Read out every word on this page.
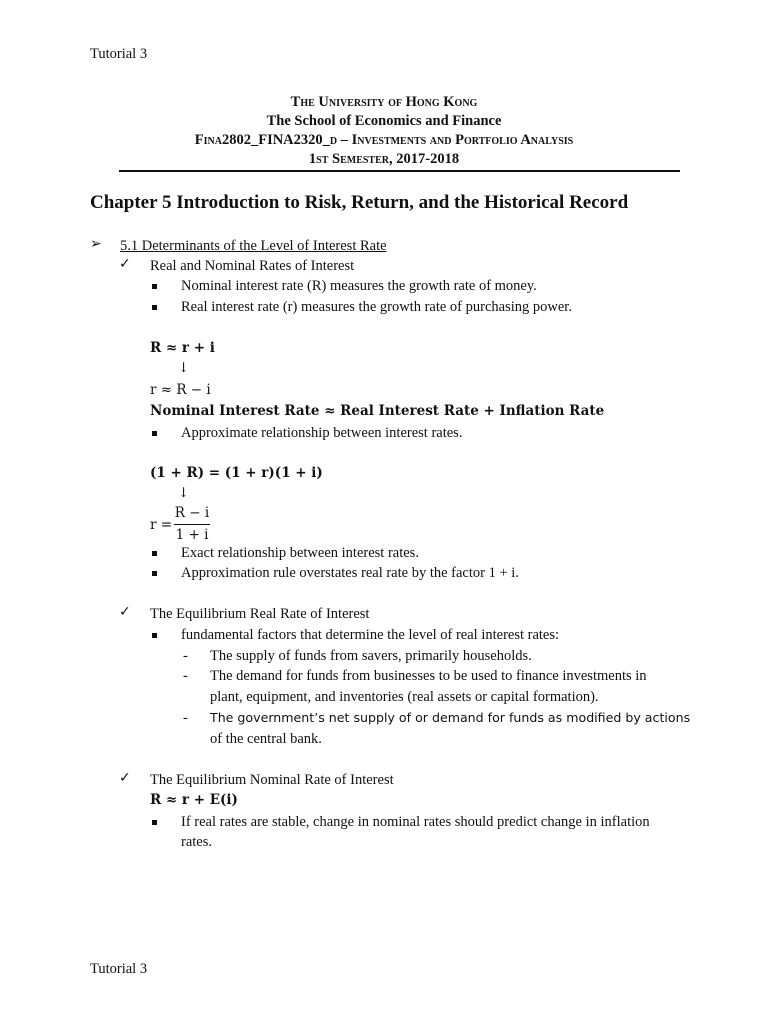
Tutorial 3
The University of Hong Kong
The School of Economics and Finance
Fina2802_FINA2320_d – Investments and Portfolio Analysis
1st Semester, 2017-2018
Chapter 5 Introduction to Risk, Return, and the Historical Record
➢ 5.1 Determinants of the Level of Interest Rate
✓ Real and Nominal Rates of Interest
Nominal interest rate (R) measures the growth rate of money.
Real interest rate (r) measures the growth rate of purchasing power.
R ≈ r + i
↓
r ≈ R − i
Nominal Interest Rate ≈ Real Interest Rate + Inflation Rate
Approximate relationship between interest rates.
(1 + R) = (1 + r)(1 + i)
↓
r =
R − i
1 + i
Exact relationship between interest rates.
Approximation rule overstates real rate by the factor 1 + i.
✓ The Equilibrium Real Rate of Interest
fundamental factors that determine the level of real interest rates:
- The supply of funds from savers, primarily households.
- The demand for funds from businesses to be used to finance investments in
plant, equipment, and inventories (real assets or capital formation).
- The government’s net supply of or demand for funds as modified by actions
of the central bank.
✓ The Equilibrium Nominal Rate of Interest
R ≈ r + E(i)
If real rates are stable, change in nominal rates should predict change in inflation
rates.
Tutorial 3
